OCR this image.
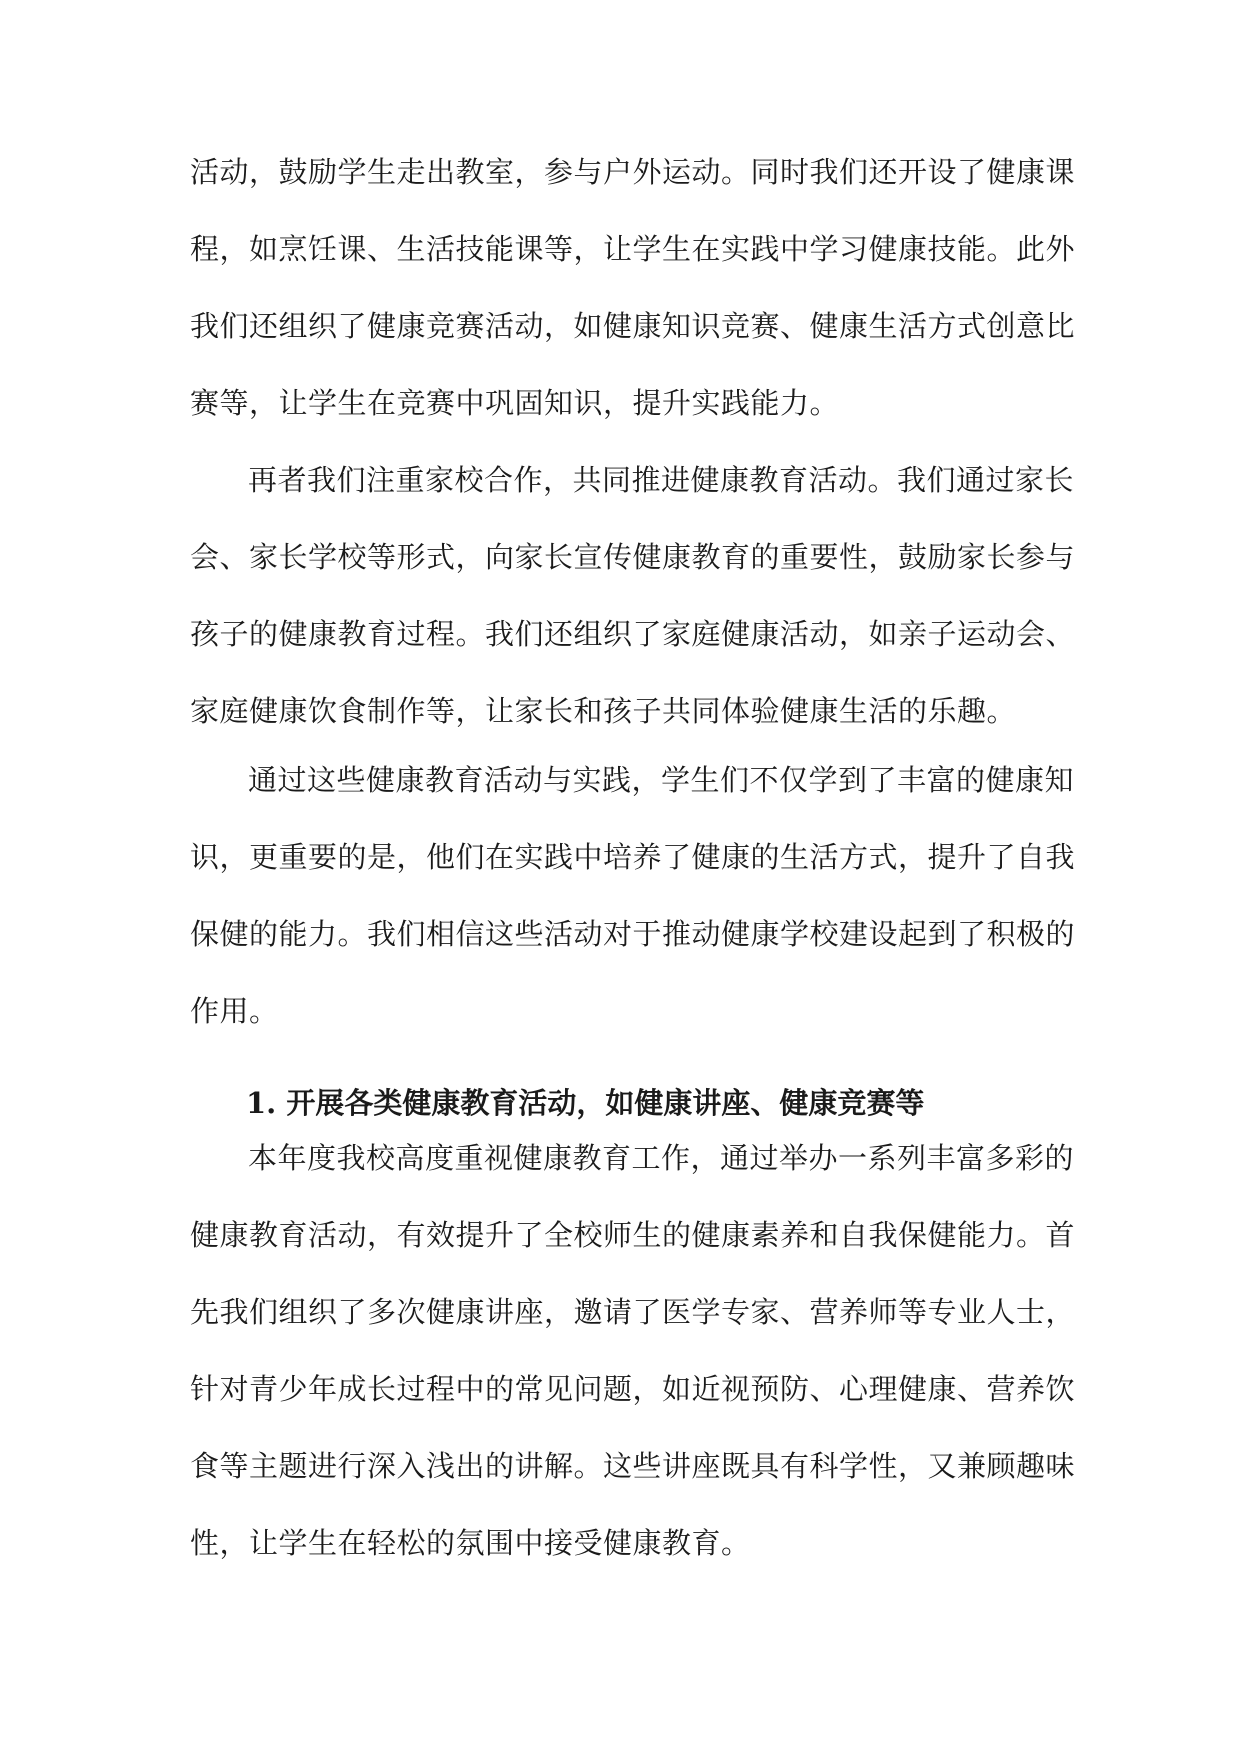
活动，鼓励学生走出教室，参与户外运动。同时我们还开设了健康课
程，如烹饪课、生活技能课等，让学生在实践中学习健康技能。此外
我们还组织了健康竞赛活动，如健康知识竞赛、健康生活方式创意比
赛等，让学生在竞赛中巩固知识，提升实践能力。

再者我们注重家校合作，共同推进健康教育活动。我们通过家长
会、家长学校等形式，向家长宣传健康教育的重要性，鼓励家长参与
孩子的健康教育过程。我们还组织了家庭健康活动，如亲子运动会、
家庭健康饮食制作等，让家长和孩子共同体验健康生活的乐趣。

通过这些健康教育活动与实践，学生们不仅学到了丰富的健康知
识，更重要的是，他们在实践中培养了健康的生活方式，提升了自我
保健的能力。我们相信这些活动对于推动健康学校建设起到了积极的
作用。

1. 开展各类健康教育活动，如健康讲座、健康竞赛等

本年度我校高度重视健康教育工作，通过举办一系列丰富多彩的
健康教育活动，有效提升了全校师生的健康素养和自我保健能力。首
先我们组织了多次健康讲座，邀请了医学专家、营养师等专业人士，
针对青少年成长过程中的常见问题，如近视预防、心理健康、营养饮
食等主题进行深入浅出的讲解。这些讲座既具有科学性，又兼顾趣味
性，让学生在轻松的氛围中接受健康教育。
